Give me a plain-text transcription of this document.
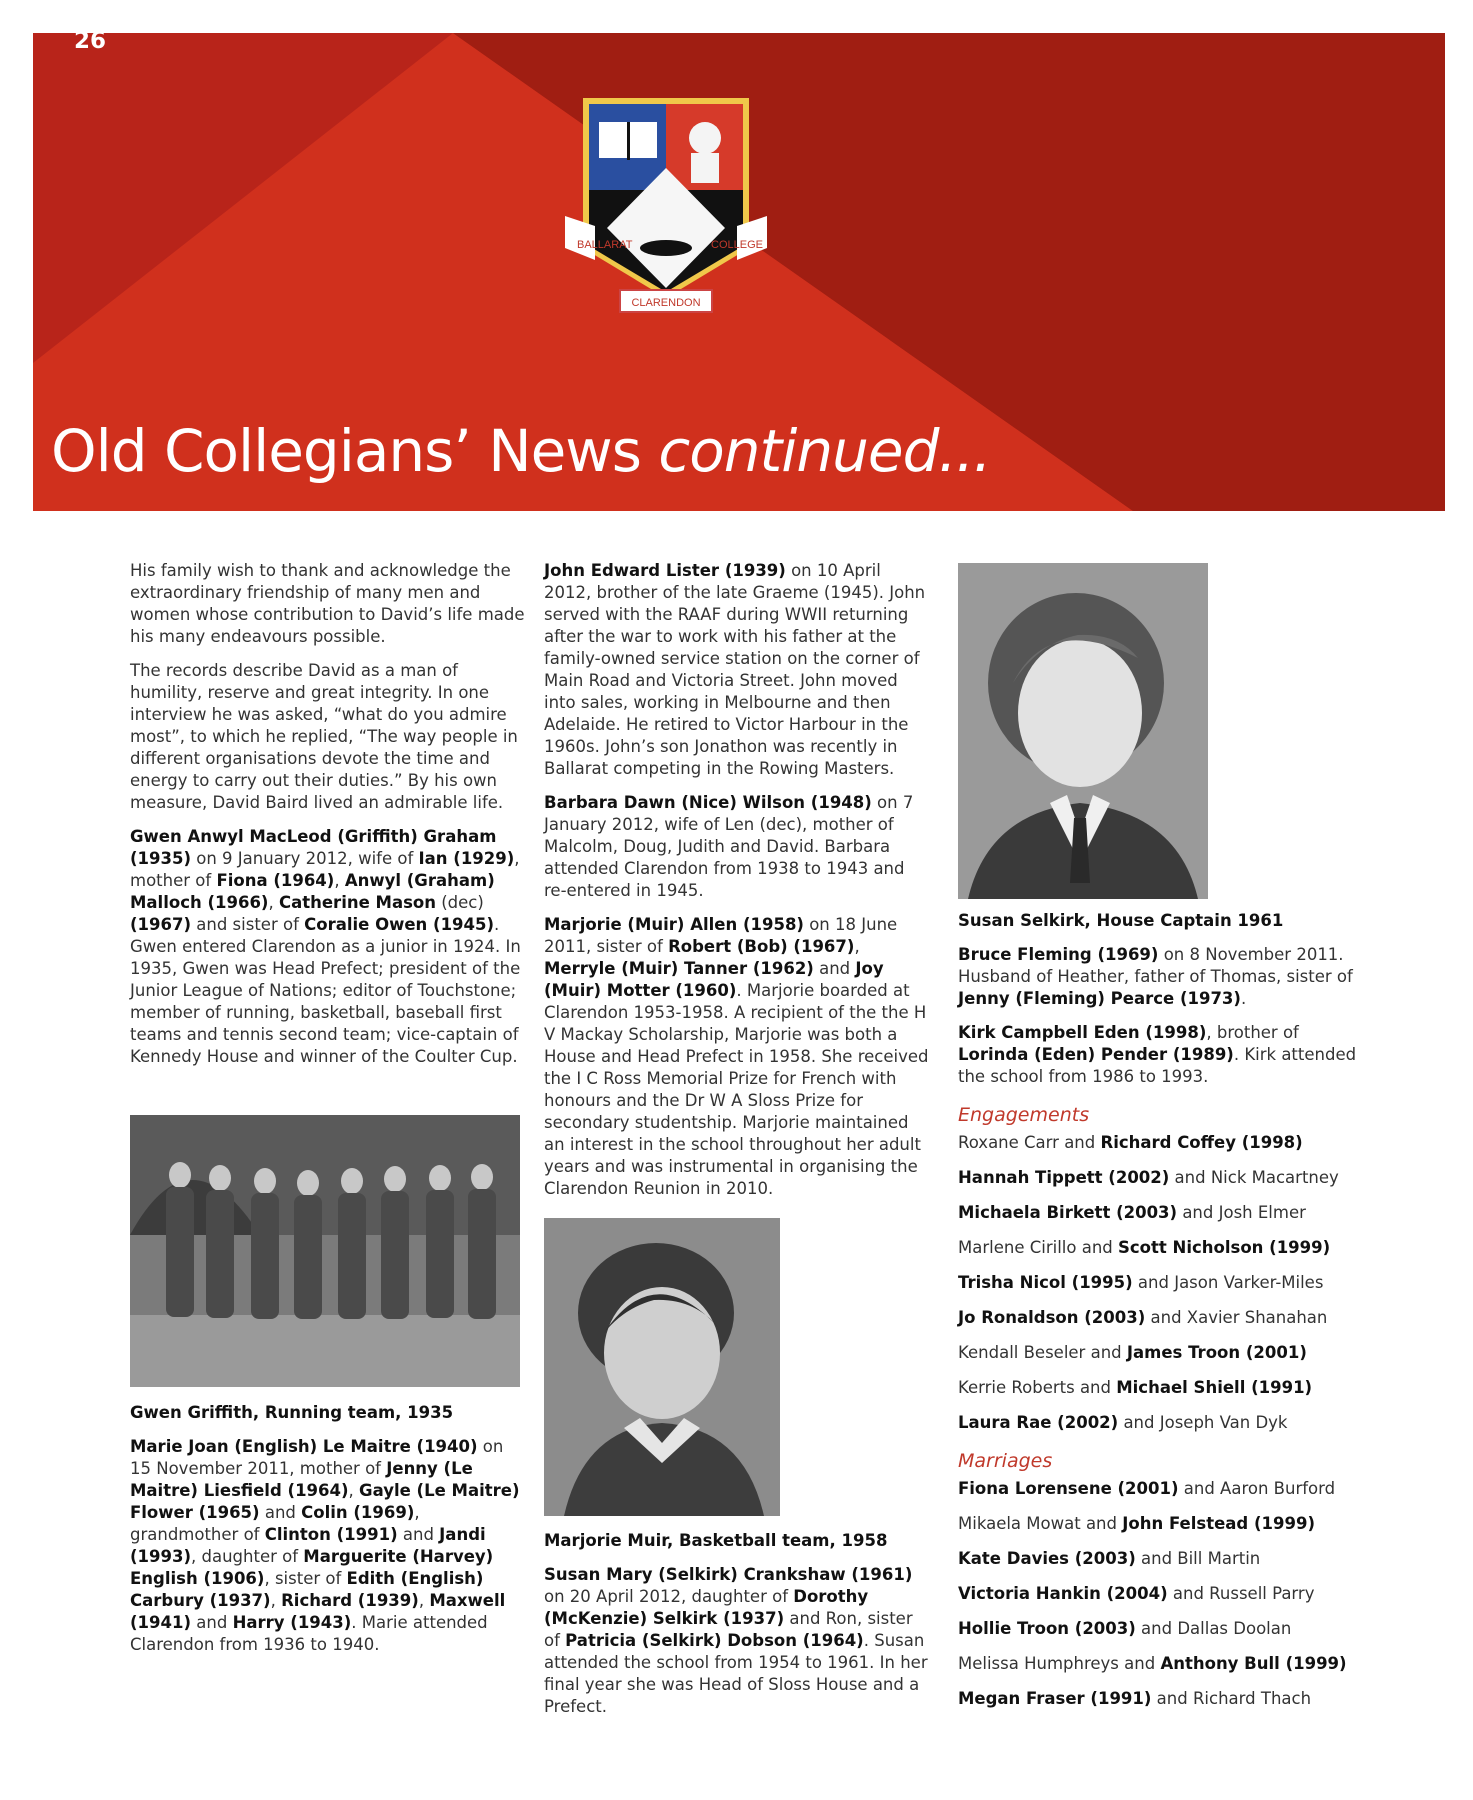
26
BALLARAT	COLLEGE
CLARENDON
Old Collegians’ News continued...

His family wish to thank and acknowledge the extraordinary friendship of many men and women whose contribution to David’s life made his many endeavours possible.

The records describe David as a man of humility, reserve and great integrity. In one interview he was asked, “what do you admire most”, to which he replied, “The way people in different organisations devote the time and energy to carry out their duties.” By his own measure, David Baird lived an admirable life.

Gwen Anwyl MacLeod (Griffith) Graham (1935) on 9 January 2012, wife of Ian (1929), mother of Fiona (1964), Anwyl (Graham) Malloch (1966), Catherine Mason (dec) (1967) and sister of Coralie Owen (1945). Gwen entered Clarendon as a junior in 1924. In 1935, Gwen was Head Prefect; president of the Junior League of Nations; editor of Touchstone; member of running, basketball, baseball first teams and tennis second team; vice-captain of Kennedy House and winner of the Coulter Cup.

Gwen Griffith, Running team, 1935

Marie Joan (English) Le Maitre (1940) on 15 November 2011, mother of Jenny (Le Maitre) Liesfield (1964), Gayle (Le Maitre) Flower (1965) and Colin (1969), grandmother of Clinton (1991) and Jandi (1993), daughter of Marguerite (Harvey) English (1906), sister of Edith (English) Carbury (1937), Richard (1939), Maxwell (1941) and Harry (1943). Marie attended Clarendon from 1936 to 1940.

John Edward Lister (1939) on 10 April 2012, brother of the late Graeme (1945). John served with the RAAF during WWII returning after the war to work with his father at the family-owned service station on the corner of Main Road and Victoria Street. John moved into sales, working in Melbourne and then Adelaide. He retired to Victor Harbour in the 1960s. John’s son Jonathon was recently in Ballarat competing in the Rowing Masters.

Barbara Dawn (Nice) Wilson (1948) on 7 January 2012, wife of Len (dec), mother of Malcolm, Doug, Judith and David. Barbara attended Clarendon from 1938 to 1943 and re-entered in 1945.

Marjorie (Muir) Allen (1958) on 18 June 2011, sister of Robert (Bob) (1967), Merryle (Muir) Tanner (1962) and Joy (Muir) Motter (1960). Marjorie boarded at Clarendon 1953-1958. A recipient of the the H V Mackay Scholarship, Marjorie was both a House and Head Prefect in 1958. She received the I C Ross Memorial Prize for French with honours and the Dr W A Sloss Prize for secondary studentship. Marjorie maintained an interest in the school throughout her adult years and was instrumental in organising the Clarendon Reunion in 2010.

Marjorie Muir, Basketball team, 1958

Susan Mary (Selkirk) Crankshaw (1961) on 20 April 2012, daughter of Dorothy (McKenzie) Selkirk (1937) and Ron, sister of Patricia (Selkirk) Dobson (1964). Susan attended the school from 1954 to 1961. In her final year she was Head of Sloss House and a Prefect.

Susan Selkirk, House Captain 1961

Bruce Fleming (1969) on 8 November 2011. Husband of Heather, father of Thomas, sister of Jenny (Fleming) Pearce (1973).

Kirk Campbell Eden (1998), brother of Lorinda (Eden) Pender (1989). Kirk attended the school from 1986 to 1993.

Engagements
Roxane Carr and Richard Coffey (1998)
Hannah Tippett (2002) and Nick Macartney
Michaela Birkett (2003) and Josh Elmer
Marlene Cirillo and Scott Nicholson (1999)
Trisha Nicol (1995) and Jason Varker-Miles
Jo Ronaldson (2003) and Xavier Shanahan
Kendall Beseler and James Troon (2001)
Kerrie Roberts and Michael Shiell (1991)
Laura Rae (2002) and Joseph Van Dyk
Marriages
Fiona Lorensene (2001) and Aaron Burford
Mikaela Mowat and John Felstead (1999)
Kate Davies (2003) and Bill Martin
Victoria Hankin (2004) and Russell Parry
Hollie Troon (2003) and Dallas Doolan
Melissa Humphreys and Anthony Bull (1999)
Megan Fraser (1991) and Richard Thach
